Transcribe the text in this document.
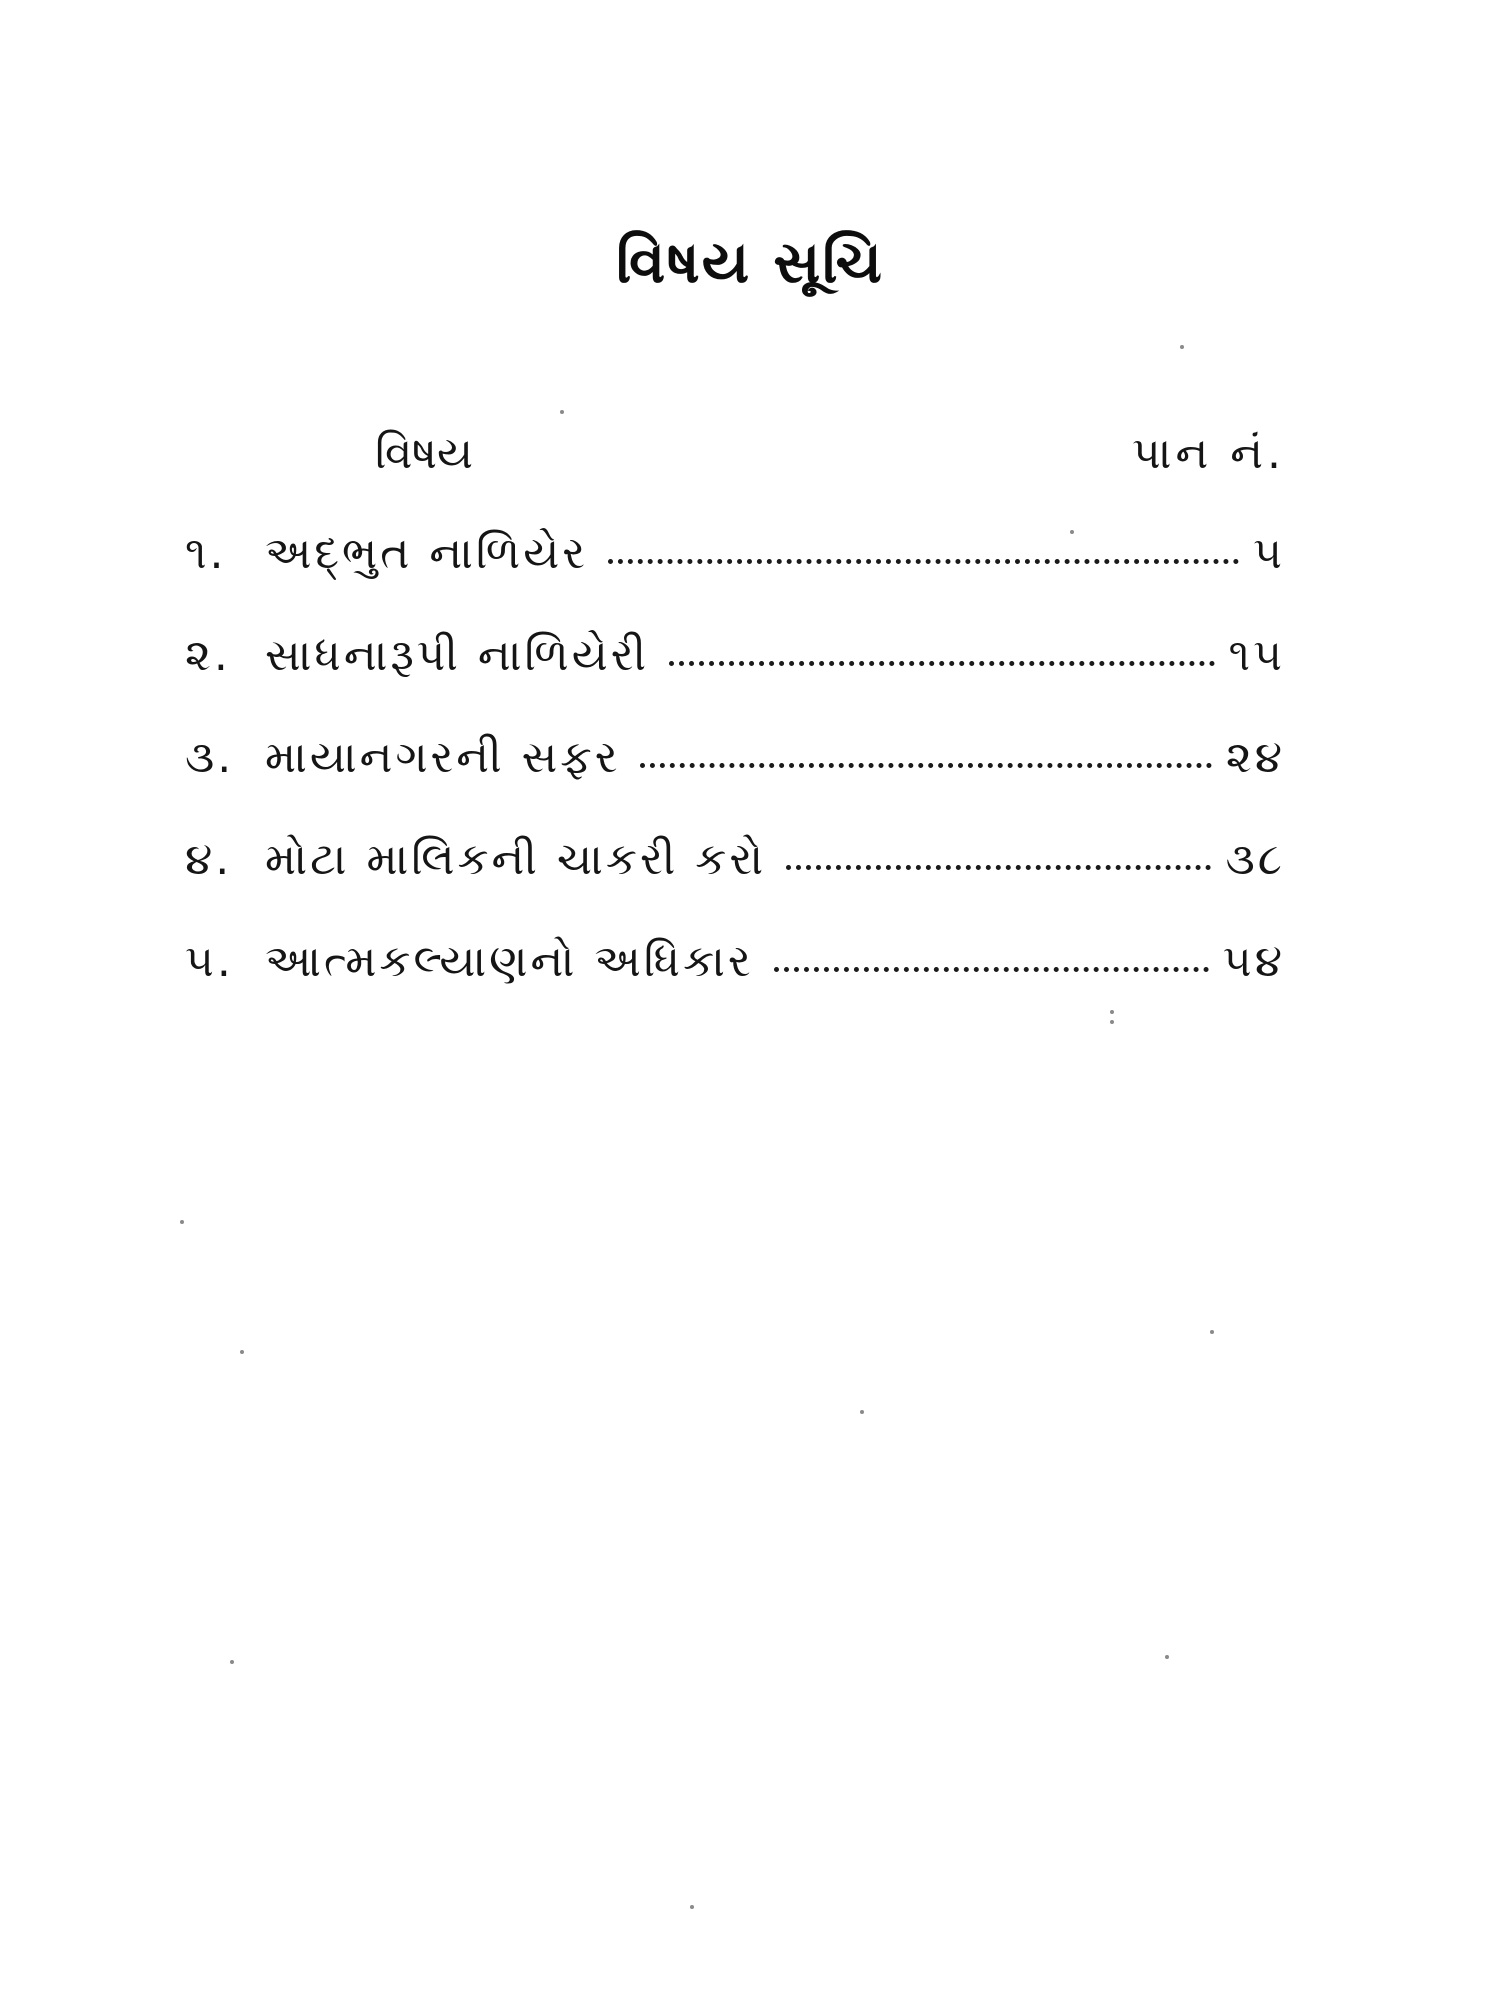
વિષય સૂચિ
વિષય	પાન નં.
૧. અદ્ભુત નાળિયેર	૫
૨. સાધનારૂપી નાળિયેરી	૧૫
૩. માયાનગરની સફર	૨૪
૪. મોટા માલિકની ચાકરી કરો	૩૮
૫. આત્મકલ્યાણનો અધિકાર	૫૪
